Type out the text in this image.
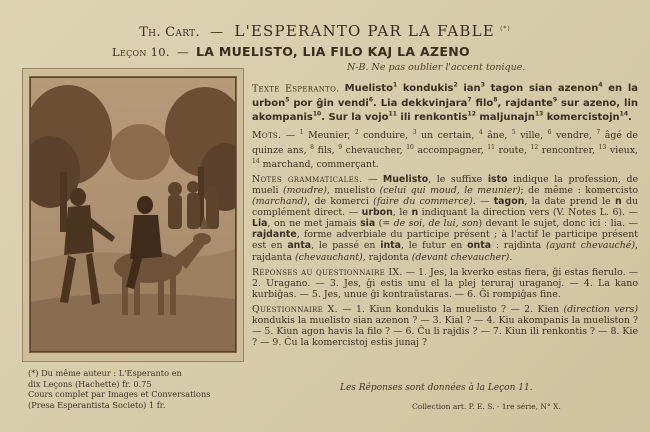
Th. Cart. — L'ESPERANTO PAR LA FABLE (*)
Leçon 10. — LA MUELISTO, LIA FILO KAJ LA AZENO
N-B. Ne pas oublier l'accent tonique.
(*) Du même auteur : L'Esperanto en
dix Leçons (Hachette) fr. 0.75
Cours complet par Images et Conversations
(Presa Esperantista Societo) 1 fr.

Texte Esperanto. Muelisto$^1$ kondukis$^2$ ian$^3$ tagon sian azenon$^4$ en la urbon$^5$ por ĝin vendi$^6$. Lia dekkvinjara$^7$ filo$^8$, rajdante$^9$ sur azeno, lin akompanis$^{10}$. Sur la vojo$^{11}$ ili renkontis$^{12}$ maljunajn$^{13}$ komercistojn$^{14}$.

Mots. — $^1$ Meunier, $^2$ conduire, $^3$ un certain, $^4$ âne, $^5$ ville, $^6$ vendre, $^7$ âgé de quinze ans, $^8$ fils, $^9$ chevaucher, $^{10}$ accompagner, $^{11}$ route, $^{12}$ rencontrer, $^{13}$ vieux, $^{14}$ marchand, commerçant.

Notes grammaticales. — Muelisto, le suffixe isto indique la profession, de mueli (moudre), muelisto (celui qui moud, le meunier); de même : komercisto (marchand), de komerci (faire du commerce). — tagon, la date prend le n du complément direct. — urbon, le n indiquant la direction vers (V. Notes L. 6). — Lia, on ne met jamais sia (= de soi, de lui, son) devant le sujet, donc ici : lia. — rajdante, forme adverbiale du participe présent ; à l'actif le participe présent est en anta, le passé en inta, le futur en onta : rajdinta (ayant chevauché), rajdanta (chevauchant), rajdonta (devant chevaucher).

Réponses au questionnaire IX. — 1. Jes, la kverko estas fiera, ĝi estas fierulo. — 2. Uragano. — 3. Jes, ĝi estis unu el la plej teruraj uraganoj. — 4. La kano kurbiĝas. — 5. Jes, unue ĝi kontraŭstaras. — 6. Ĝi rompiĝas fine.

Questionnaire X. — 1. Kiun kondukis la muelisto ? — 2. Kien (direction vers) kondukis la muelisto sian azenon ? — 3. Kial ? — 4. Kiu akompanis la mueliston ? — 5. Kiun agon havis la filo ? — 6. Ĉu li rajdis ? — 7. Kiun ili renkontis ? — 8. Kie ? — 9. Ĉu la komercistoj estis junaj ?

Les Réponses sont données à la Leçon 11.
Collection art. P. E. S. - 1re série, N° X.
